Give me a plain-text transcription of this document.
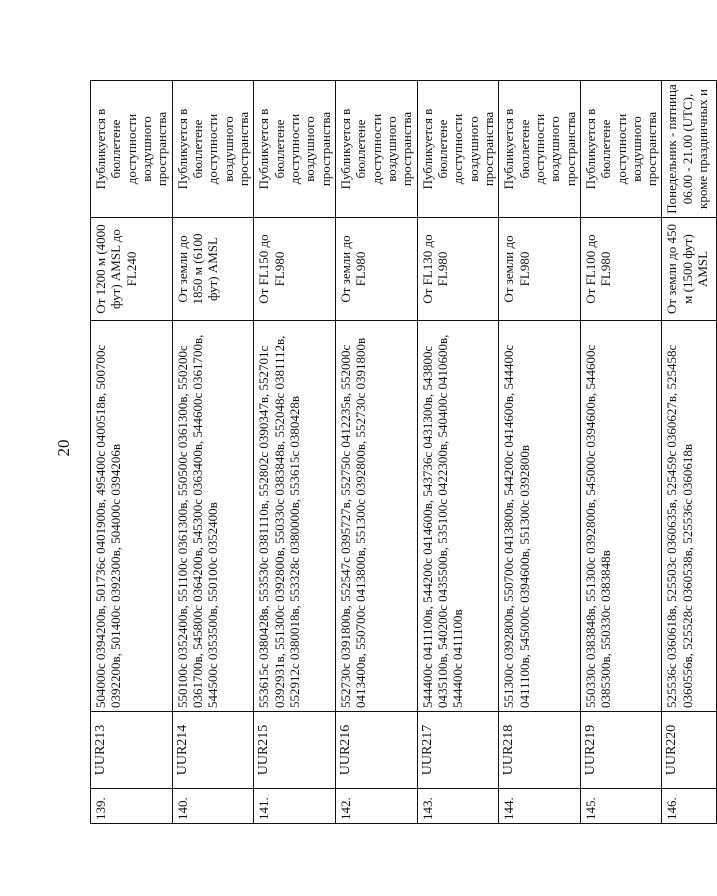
20
139.	UUR213	504000с 0394200в, 501736с 0401900в, 495400с 0400518в, 500700с 0392200в, 501400с 0392300в, 504000с 0394206в	От 1200 м (4000 фут) AMSL до FL240	Публикуется в бюллетене доступности воздушного пространства
140.	UUR214	550100с 0352400в, 551100с 0361300в, 550500с 0361300в, 550200с 0361700в, 545800с 0364200в, 545300с 0363400в, 544600с 0361700в, 544500с 0353500в, 550100с 0352400в	От земли до 1850 м (6100 фут) AMSL	Публикуется в бюллетене доступности воздушного пространства
141.	UUR215	553615с 0380428в, 553530с 0381110в, 552802с 0390347в, 552701с 0392931в, 551300с 0392800в, 550330с 0383848в, 552048с 0381112в, 552912с 0380018в, 553328с 0380000в, 553615с 0380428в	От FL150 до FL980	Публикуется в бюллетене доступности воздушного пространства
142.	UUR216	552730с 0391800в, 552547с 0395727в, 552750с 0412235в, 552000с 0413400в, 550700с 0413800в, 551300с 0392800в, 552730с 0391800в	От земли до FL980	Публикуется в бюллетене доступности воздушного пространства
143.	UUR217	544400с 0411100в, 544200с 0414600в, 543736с 0431300в, 543800с 0435100в, 540200с 0435500в, 535100с 0422300в, 540400с 0410600в, 544400с 0411100в	От FL130 до FL980	Публикуется в бюллетене доступности воздушного пространства
144.	UUR218	551300с 0392800в, 550700с 0413800в, 544200с 0414600в, 544400с 0411100в, 545000с 0394600в, 551300с 0392800в	От земли до FL980	Публикуется в бюллетене доступности воздушного пространства
145.	UUR219	550330с 0383848в, 551300с 0392800в, 545000с 0394600в, 544600с 0385300в, 550330с 0383848в	От FL100 до FL980	Публикуется в бюллетене доступности воздушного пространства
146.	UUR220	525536с 0360618в, 525503с 0360635в, 525459с 0360627в, 525458с 0360556в, 525528с 0360538в, 525536с 0360618в	От земли до 450 м (1500 фут) AMSL	Понедельник - пятница 06.00 - 21.00 (UTC), кроме праздничных и
